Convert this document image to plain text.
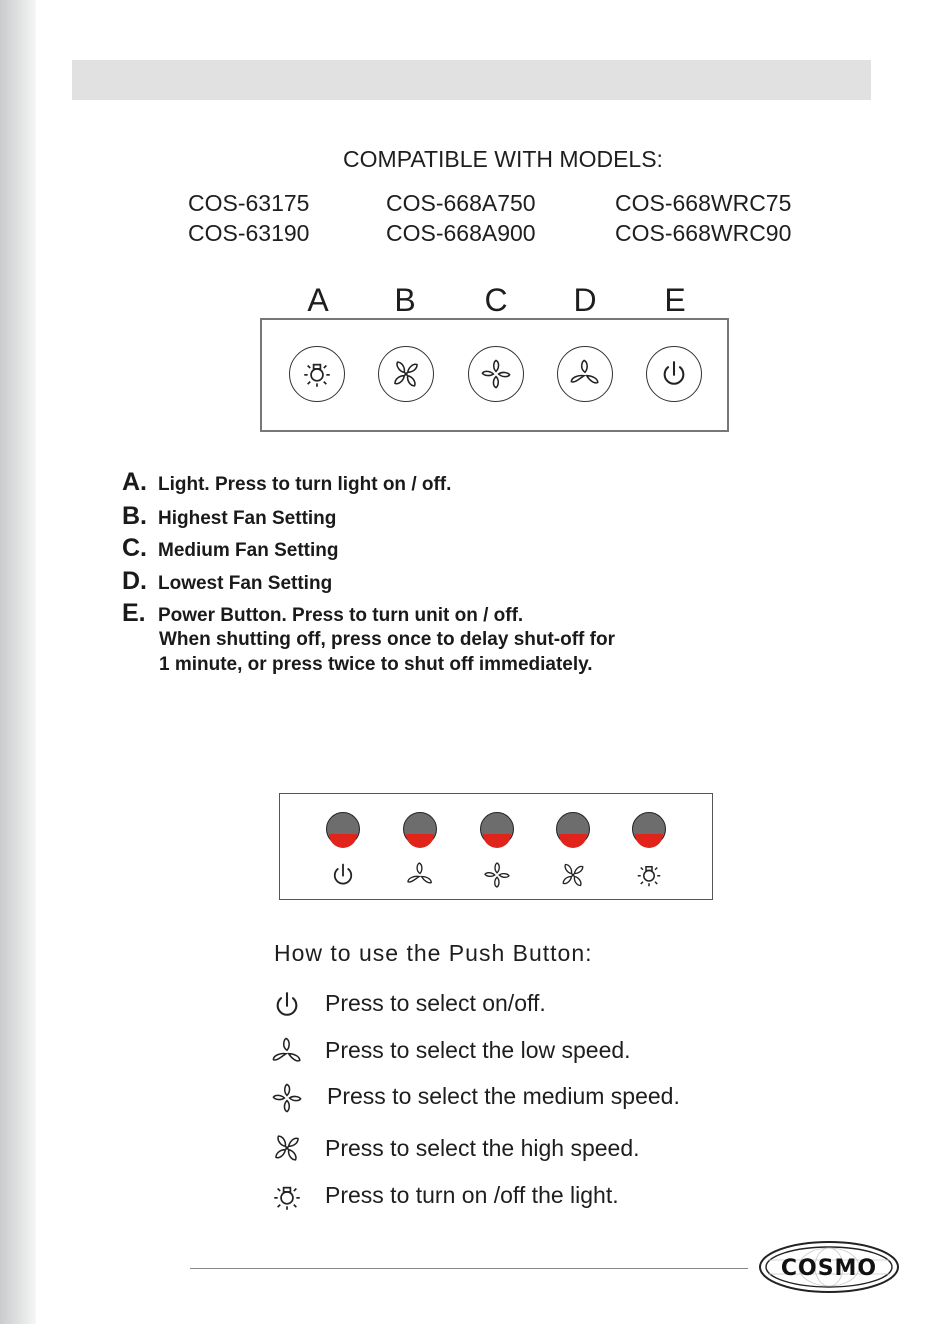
COMPATIBLE WITH MODELS:
COS-63175
COS-63190
COS-668A750
COS-668A900
COS-668WRC75
COS-668WRC90
A B C D E
A. Light. Press to turn light on / off.
B. Highest Fan Setting
C. Medium Fan Setting
D. Lowest Fan Setting
E. Power Button. Press to turn unit on / off.
When shutting off, press once to delay shut-off for
1 minute, or press twice to shut off immediately.
How to use the Push Button:
Press to select on/off.
Press to select the low speed.
Press to select the medium speed.
Press to select the high speed.
Press to turn on /off the light.
COSMO
